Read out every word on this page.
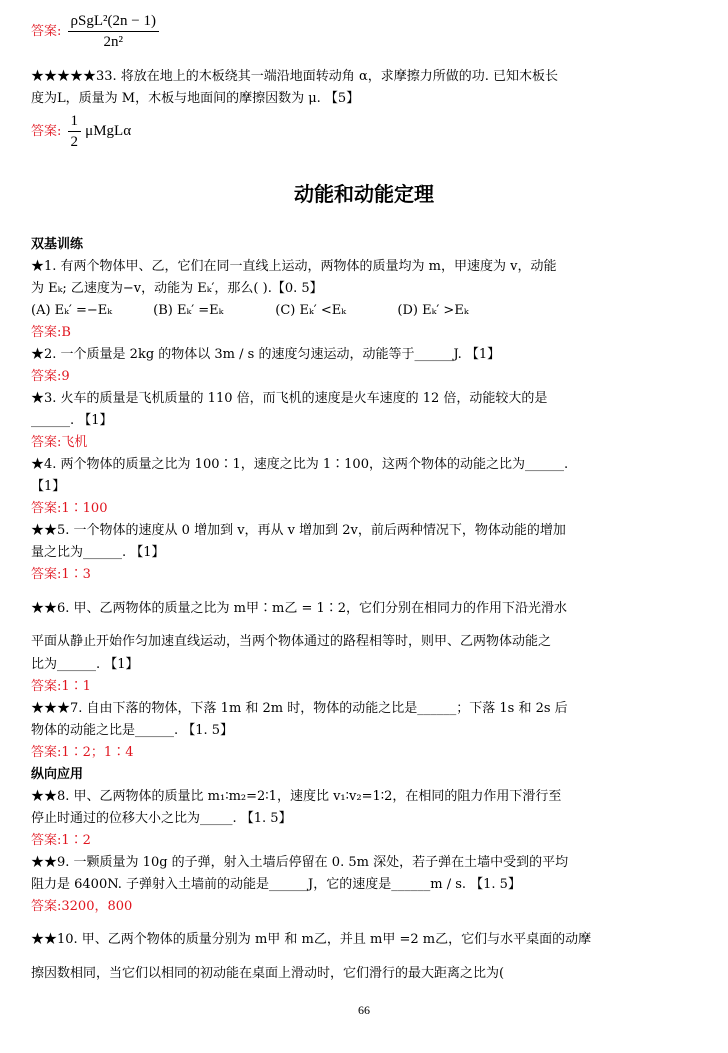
答案: $\frac{\text{ρSgL²(2n − 1)}}{\text{2n²}}$
★★★★★33. 将放在地上的木板绕其一端沿地面转动角 α，求摩擦力所做的功. 已知木板长
度为L，质量为 M，木板与地面间的摩擦因数为 μ. 【5】
答案: $\frac{1}{2}$ μMgLα
动能和动能定理
双基训练
★1. 有两个物体甲、乙，它们在同一直线上运动，两物体的质量均为 m，甲速度为 v，动能
为 Eₖ; 乙速度为−v，动能为 Eₖ′，那么( ).【0. 5】
(A) Eₖ′ =−Eₖ	(B) Eₖ′ =Eₖ	(C) Eₖ′ <Eₖ	(D) Eₖ′ >Eₖ
答案:B
★2. 一个质量是 2kg 的物体以 3m / s 的速度匀速运动，动能等于______J. 【1】
答案:9
★3. 火车的质量是飞机质量的 110 倍，而飞机的速度是火车速度的 12 倍，动能较大的是
______. 【1】
答案:飞机
★4. 两个物体的质量之比为 100∶1，速度之比为 1∶100，这两个物体的动能之比为______.
【1】
答案:1∶100
★★5. 一个物体的速度从 0 增加到 v，再从 v 增加到 2v，前后两种情况下，物体动能的增加
量之比为______. 【1】
答案:1∶3
★★6. 甲、乙两物体的质量之比为 m甲∶m乙 = 1∶2，它们分别在相同力的作用下沿光滑水
平面从静止开始作匀加速直线运动，当两个物体通过的路程相等时，则甲、乙两物体动能之
比为______. 【1】
答案:1∶1
★★★7. 自由下落的物体，下落 1m 和 2m 时，物体的动能之比是______；下落 1s 和 2s 后
物体的动能之比是______. 【1. 5】
答案:1∶2；1∶4
纵向应用
★★8. 甲、乙两物体的质量比 m₁∶m₂=2∶1，速度比 v₁∶v₂=1∶2，在相同的阻力作用下滑行至
停止时通过的位移大小之比为_____. 【1. 5】
答案:1∶2
★★9. 一颗质量为 10g 的子弹，射入土墙后停留在 0. 5m 深处，若子弹在土墙中受到的平均
阻力是 6400N. 子弹射入土墙前的动能是______J，它的速度是______m / s. 【1. 5】
答案:3200，800
★★10. 甲、乙两个物体的质量分别为 m甲 和 m乙，并且 m甲 =2 m乙，它们与水平桌面的动摩
擦因数相同，当它们以相同的初动能在桌面上滑动时，它们滑行的最大距离之比为(
66
